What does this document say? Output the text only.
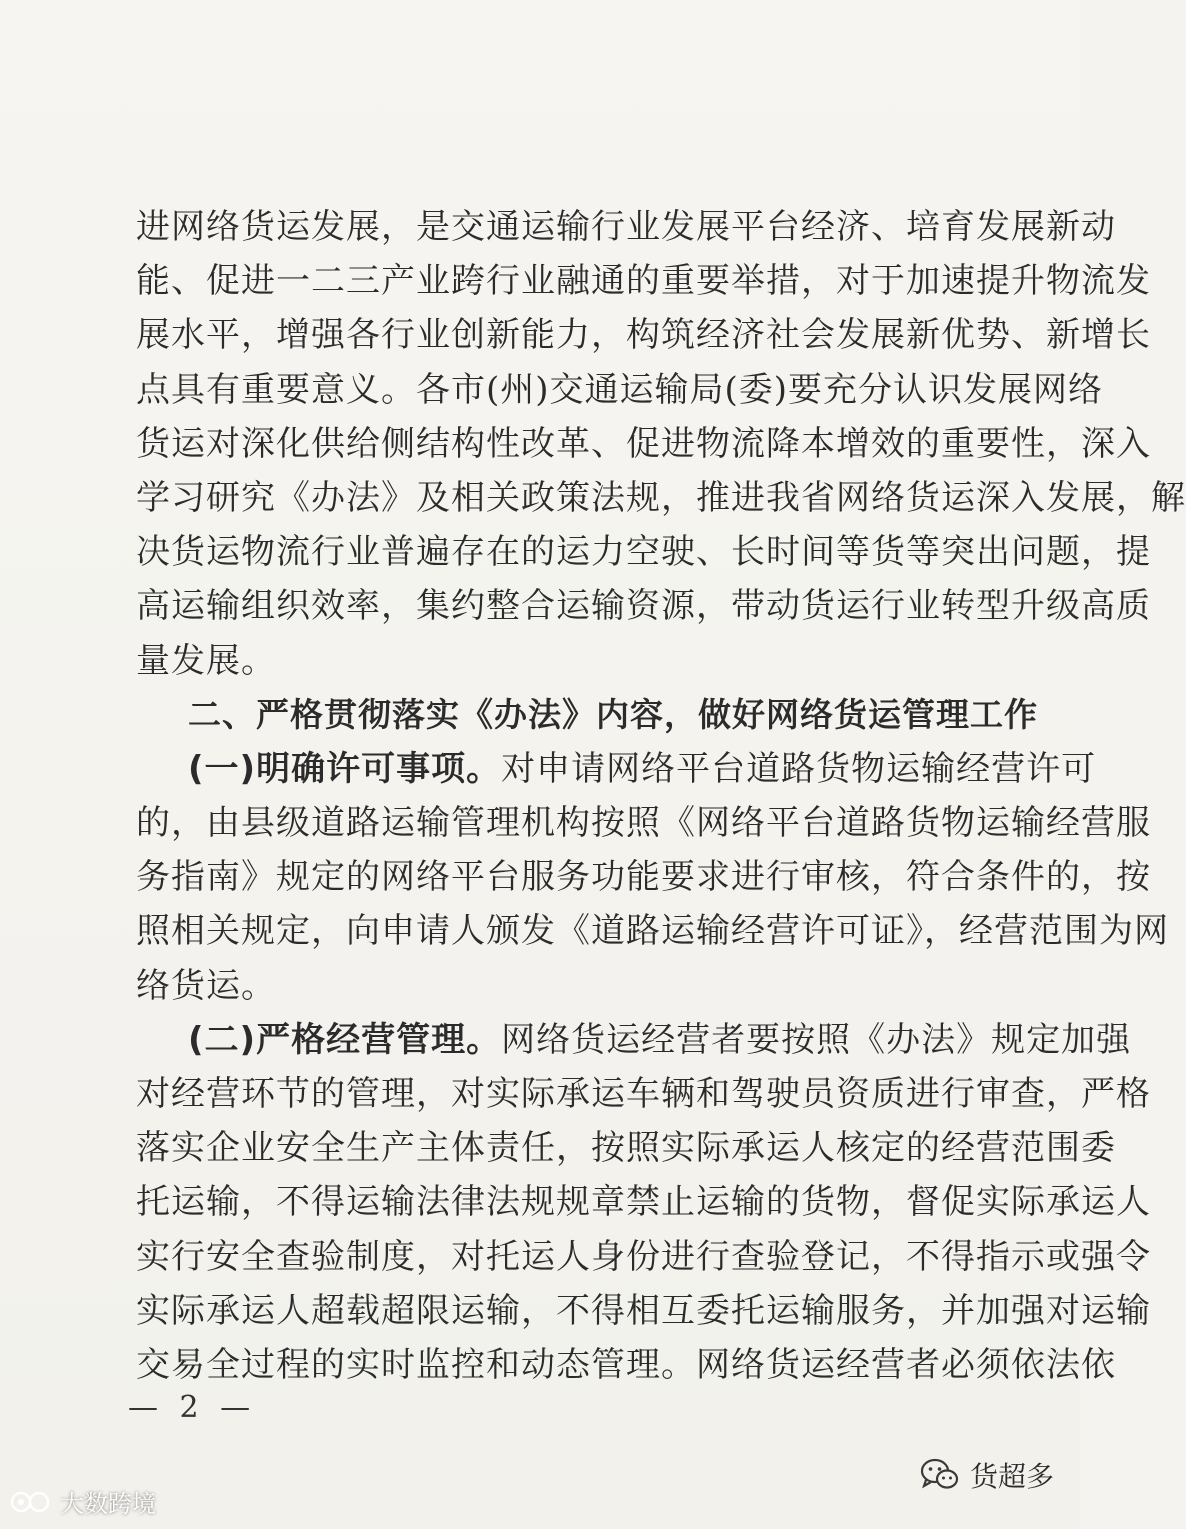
进网络货运发展，是交通运输行业发展平台经济、培育发展新动
能、促进一二三产业跨行业融通的重要举措，对于加速提升物流发
展水平，增强各行业创新能力，构筑经济社会发展新优势、新增长
点具有重要意义。各市(州)交通运输局(委)要充分认识发展网络
货运对深化供给侧结构性改革、促进物流降本增效的重要性，深入
学习研究《办法》及相关政策法规，推进我省网络货运深入发展，解
决货运物流行业普遍存在的运力空驶、长时间等货等突出问题，提
高运输组织效率，集约整合运输资源，带动货运行业转型升级高质
量发展。
二、严格贯彻落实《办法》内容，做好网络货运管理工作
(一)明确许可事项。对申请网络平台道路货物运输经营许可
的，由县级道路运输管理机构按照《网络平台道路货物运输经营服
务指南》规定的网络平台服务功能要求进行审核，符合条件的，按
照相关规定，向申请人颁发《道路运输经营许可证》，经营范围为网
络货运。
(二)严格经营管理。网络货运经营者要按照《办法》规定加强
对经营环节的管理，对实际承运车辆和驾驶员资质进行审查，严格
落实企业安全生产主体责任，按照实际承运人核定的经营范围委
托运输，不得运输法律法规规章禁止运输的货物，督促实际承运人
实行安全查验制度，对托运人身份进行查验登记，不得指示或强令
实际承运人超载超限运输，不得相互委托运输服务，并加强对运输
交易全过程的实时监控和动态管理。网络货运经营者必须依法依
— 2 —
大数跨境
货超多
